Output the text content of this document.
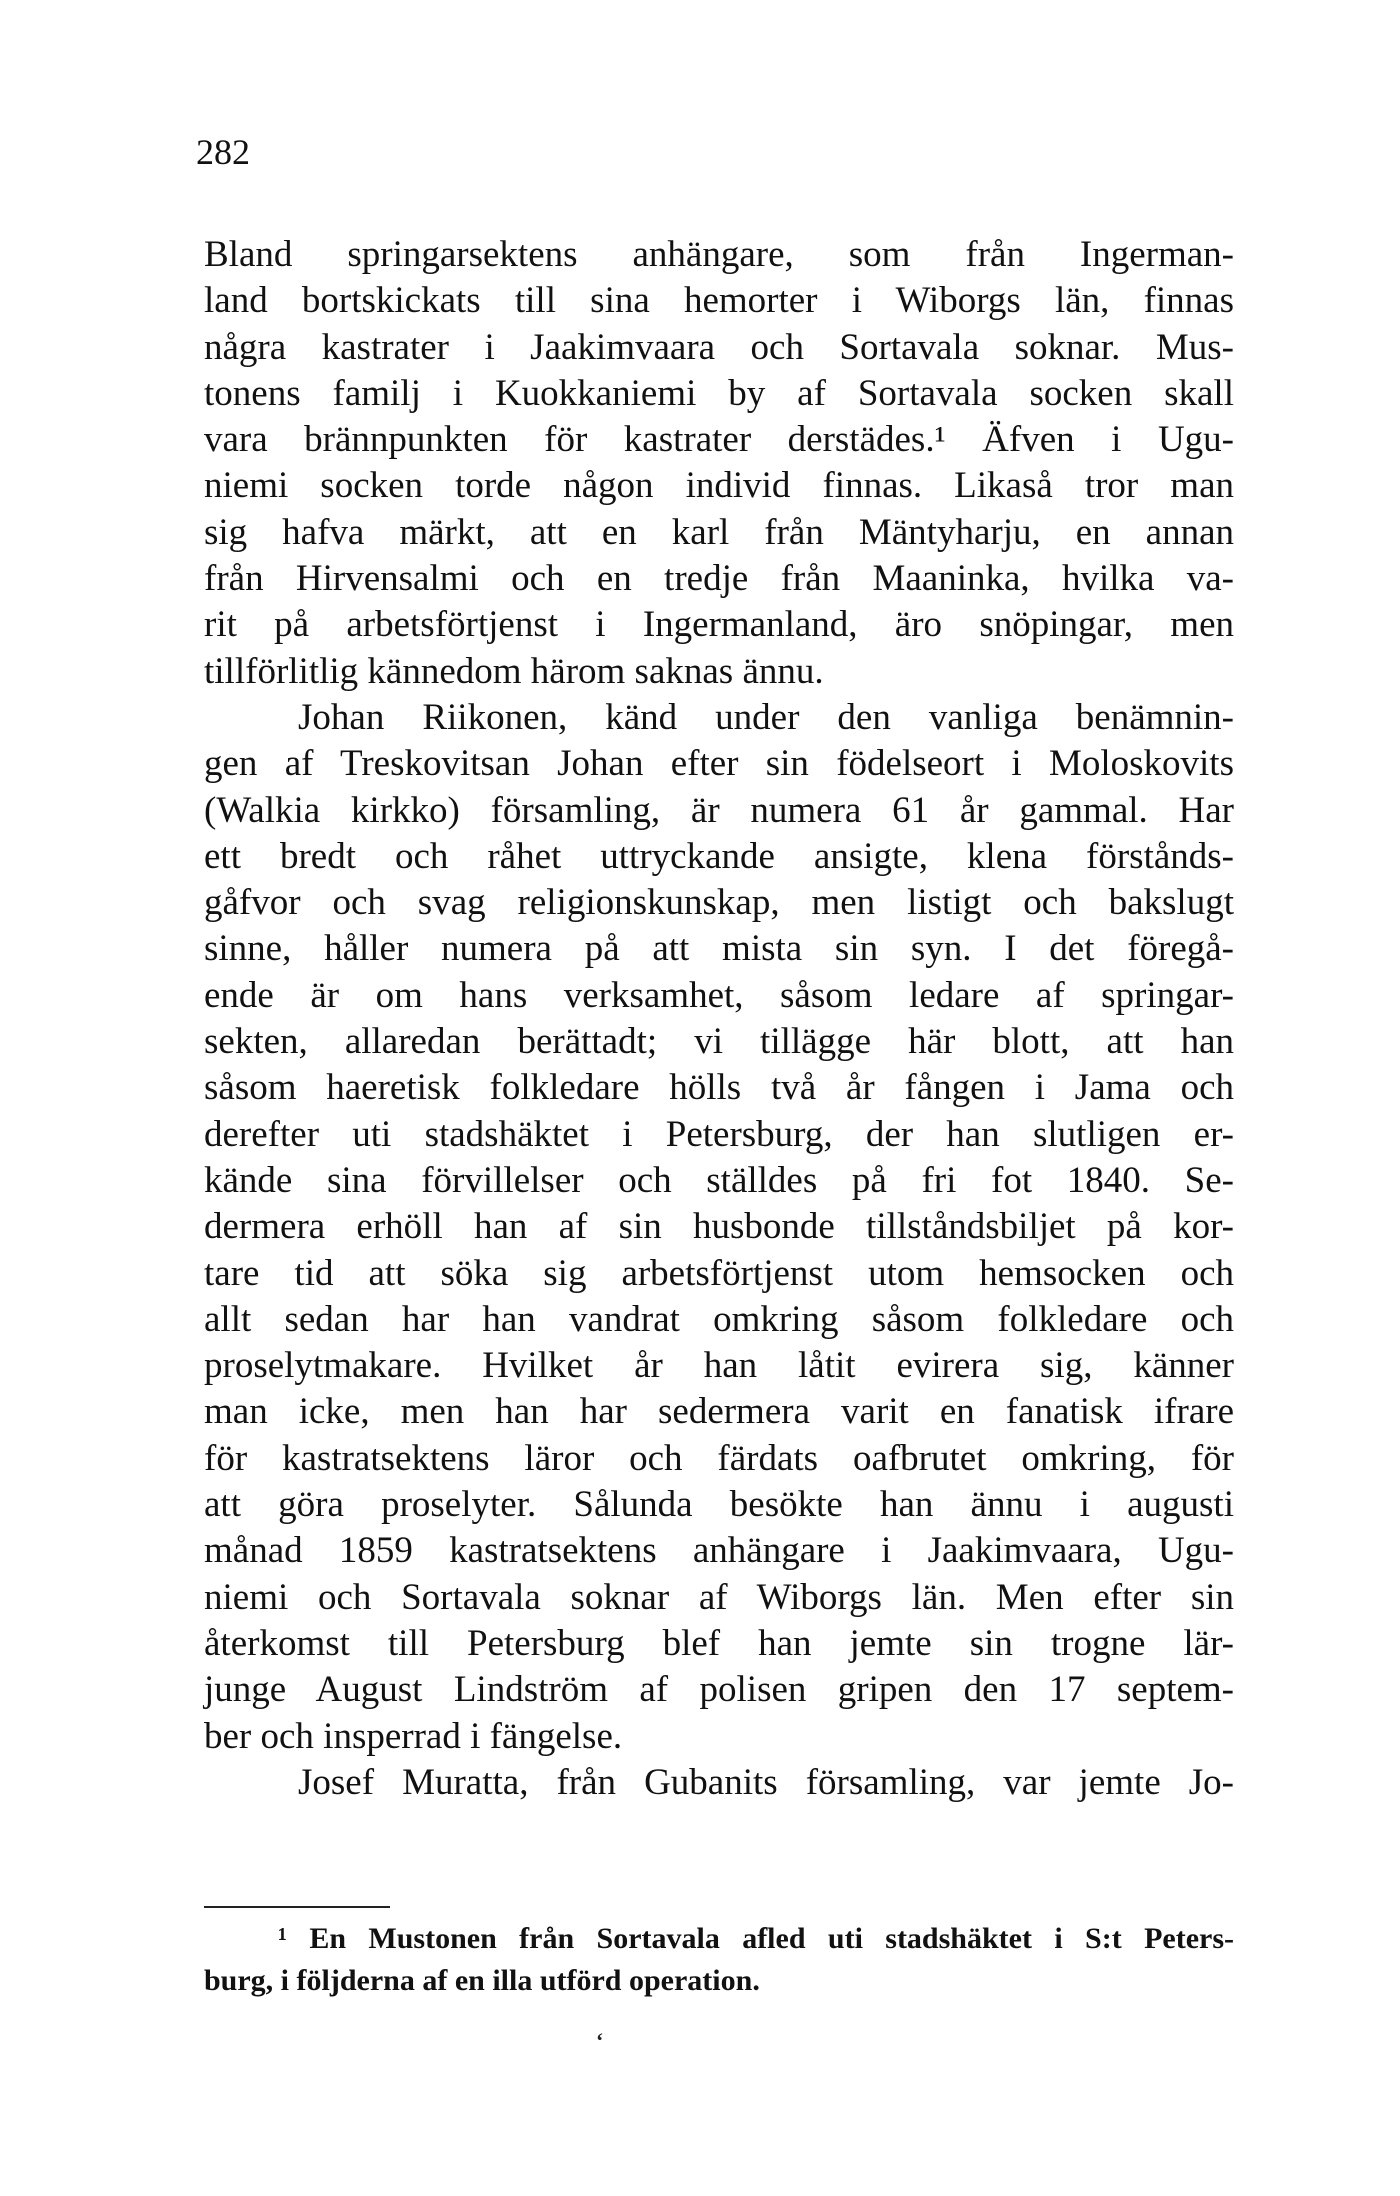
282
Bland springarsektens anhängare, som från Ingerman-
land bortskickats till sina hemorter i Wiborgs län, finnas
några kastrater i Jaakimvaara och Sortavala soknar. Mus-
tonens familj i Kuokkaniemi by af Sortavala socken skall
vara brännpunkten för kastrater derstädes.¹ Äfven i Ugu-
niemi socken torde någon individ finnas. Likaså tror man
sig hafva märkt, att en karl från Mäntyharju, en annan
från Hirvensalmi och en tredje från Maaninka, hvilka va-
rit på arbetsförtjenst i Ingermanland, äro snöpingar, men
tillförlitlig kännedom härom saknas ännu.
Johan Riikonen, känd under den vanliga benämnin-
gen af Treskovitsan Johan efter sin födelseort i Moloskovits
(Walkia kirkko) församling, är numera 61 år gammal. Har
ett bredt och råhet uttryckande ansigte, klena förstånds-
gåfvor och svag religionskunskap, men listigt och bakslugt
sinne, håller numera på att mista sin syn. I det föregå-
ende är om hans verksamhet, såsom ledare af springar-
sekten, allaredan berättadt; vi tillägge här blott, att han
såsom haeretisk folkledare hölls två år fången i Jama och
derefter uti stadshäktet i Petersburg, der han slutligen er-
kände sina förvillelser och ställdes på fri fot 1840. Se-
dermera erhöll han af sin husbonde tillståndsbiljet på kor-
tare tid att söka sig arbetsförtjenst utom hemsocken och
allt sedan har han vandrat omkring såsom folkledare och
proselytmakare. Hvilket år han låtit evirera sig, känner
man icke, men han har sedermera varit en fanatisk ifrare
för kastratsektens läror och färdats oafbrutet omkring, för
att göra proselyter. Sålunda besökte han ännu i augusti
månad 1859 kastratsektens anhängare i Jaakimvaara, Ugu-
niemi och Sortavala soknar af Wiborgs län. Men efter sin
återkomst till Petersburg blef han jemte sin trogne lär-
junge August Lindström af polisen gripen den 17 septem-
ber och insperrad i fängelse.
Josef Muratta, från Gubanits församling, var jemte Jo-
¹ En Mustonen från Sortavala afled uti stadshäktet i S:t Peters-
burg, i följderna af en illa utförd operation.
‘
